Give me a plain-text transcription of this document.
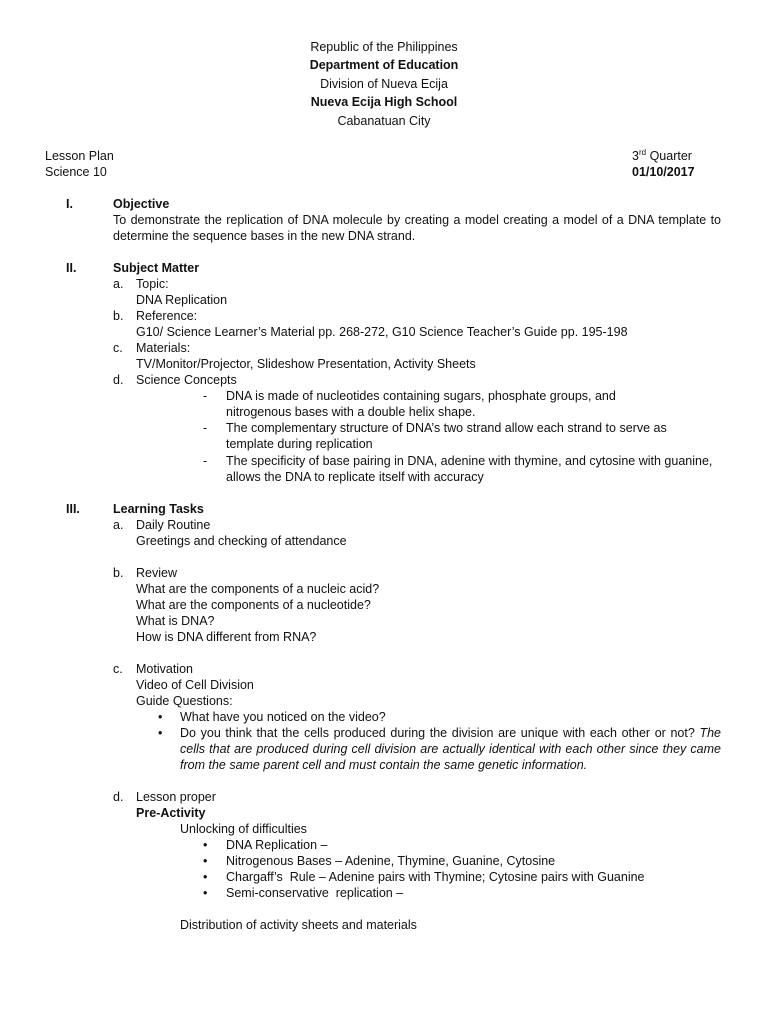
Republic of the Philippines
Department of Education
Division of Nueva Ecija
Nueva Ecija High School
Cabanatuan City
Lesson Plan
Science 10
3rd Quarter
01/10/2017
I.	Objective
To demonstrate the replication of DNA molecule by creating a model creating a model of a DNA template to determine the sequence bases in the new DNA strand.
II.	Subject Matter
a. Topic:
DNA Replication
b. Reference:
G10/ Science Learner’s Material pp. 268-272, G10 Science Teacher’s Guide pp. 195-198
c. Materials:
TV/Monitor/Projector, Slideshow Presentation, Activity Sheets
d. Science Concepts
- DNA is made of nucleotides containing sugars, phosphate groups, and nitrogenous bases with a double helix shape.
- The complementary structure of DNA’s two strand allow each strand to serve as template during replication
- The specificity of base pairing in DNA, adenine with thymine, and cytosine with guanine, allows the DNA to replicate itself with accuracy
III.	Learning Tasks
a. Daily Routine
Greetings and checking of attendance
b. Review
What are the components of a nucleic acid?
What are the components of a nucleotide?
What is DNA?
How is DNA different from RNA?
c. Motivation
Video of Cell Division
Guide Questions:
• What have you noticed on the video?
• Do you think that the cells produced during the division are unique with each other or not? The cells that are produced during cell division are actually identical with each other since they came from the same parent cell and must contain the same genetic information.
d. Lesson proper
Pre-Activity
Unlocking of difficulties
• DNA Replication –
• Nitrogenous Bases – Adenine, Thymine, Guanine, Cytosine
• Chargaff’s  Rule – Adenine pairs with Thymine; Cytosine pairs with Guanine
• Semi-conservative  replication –
Distribution of activity sheets and materials
